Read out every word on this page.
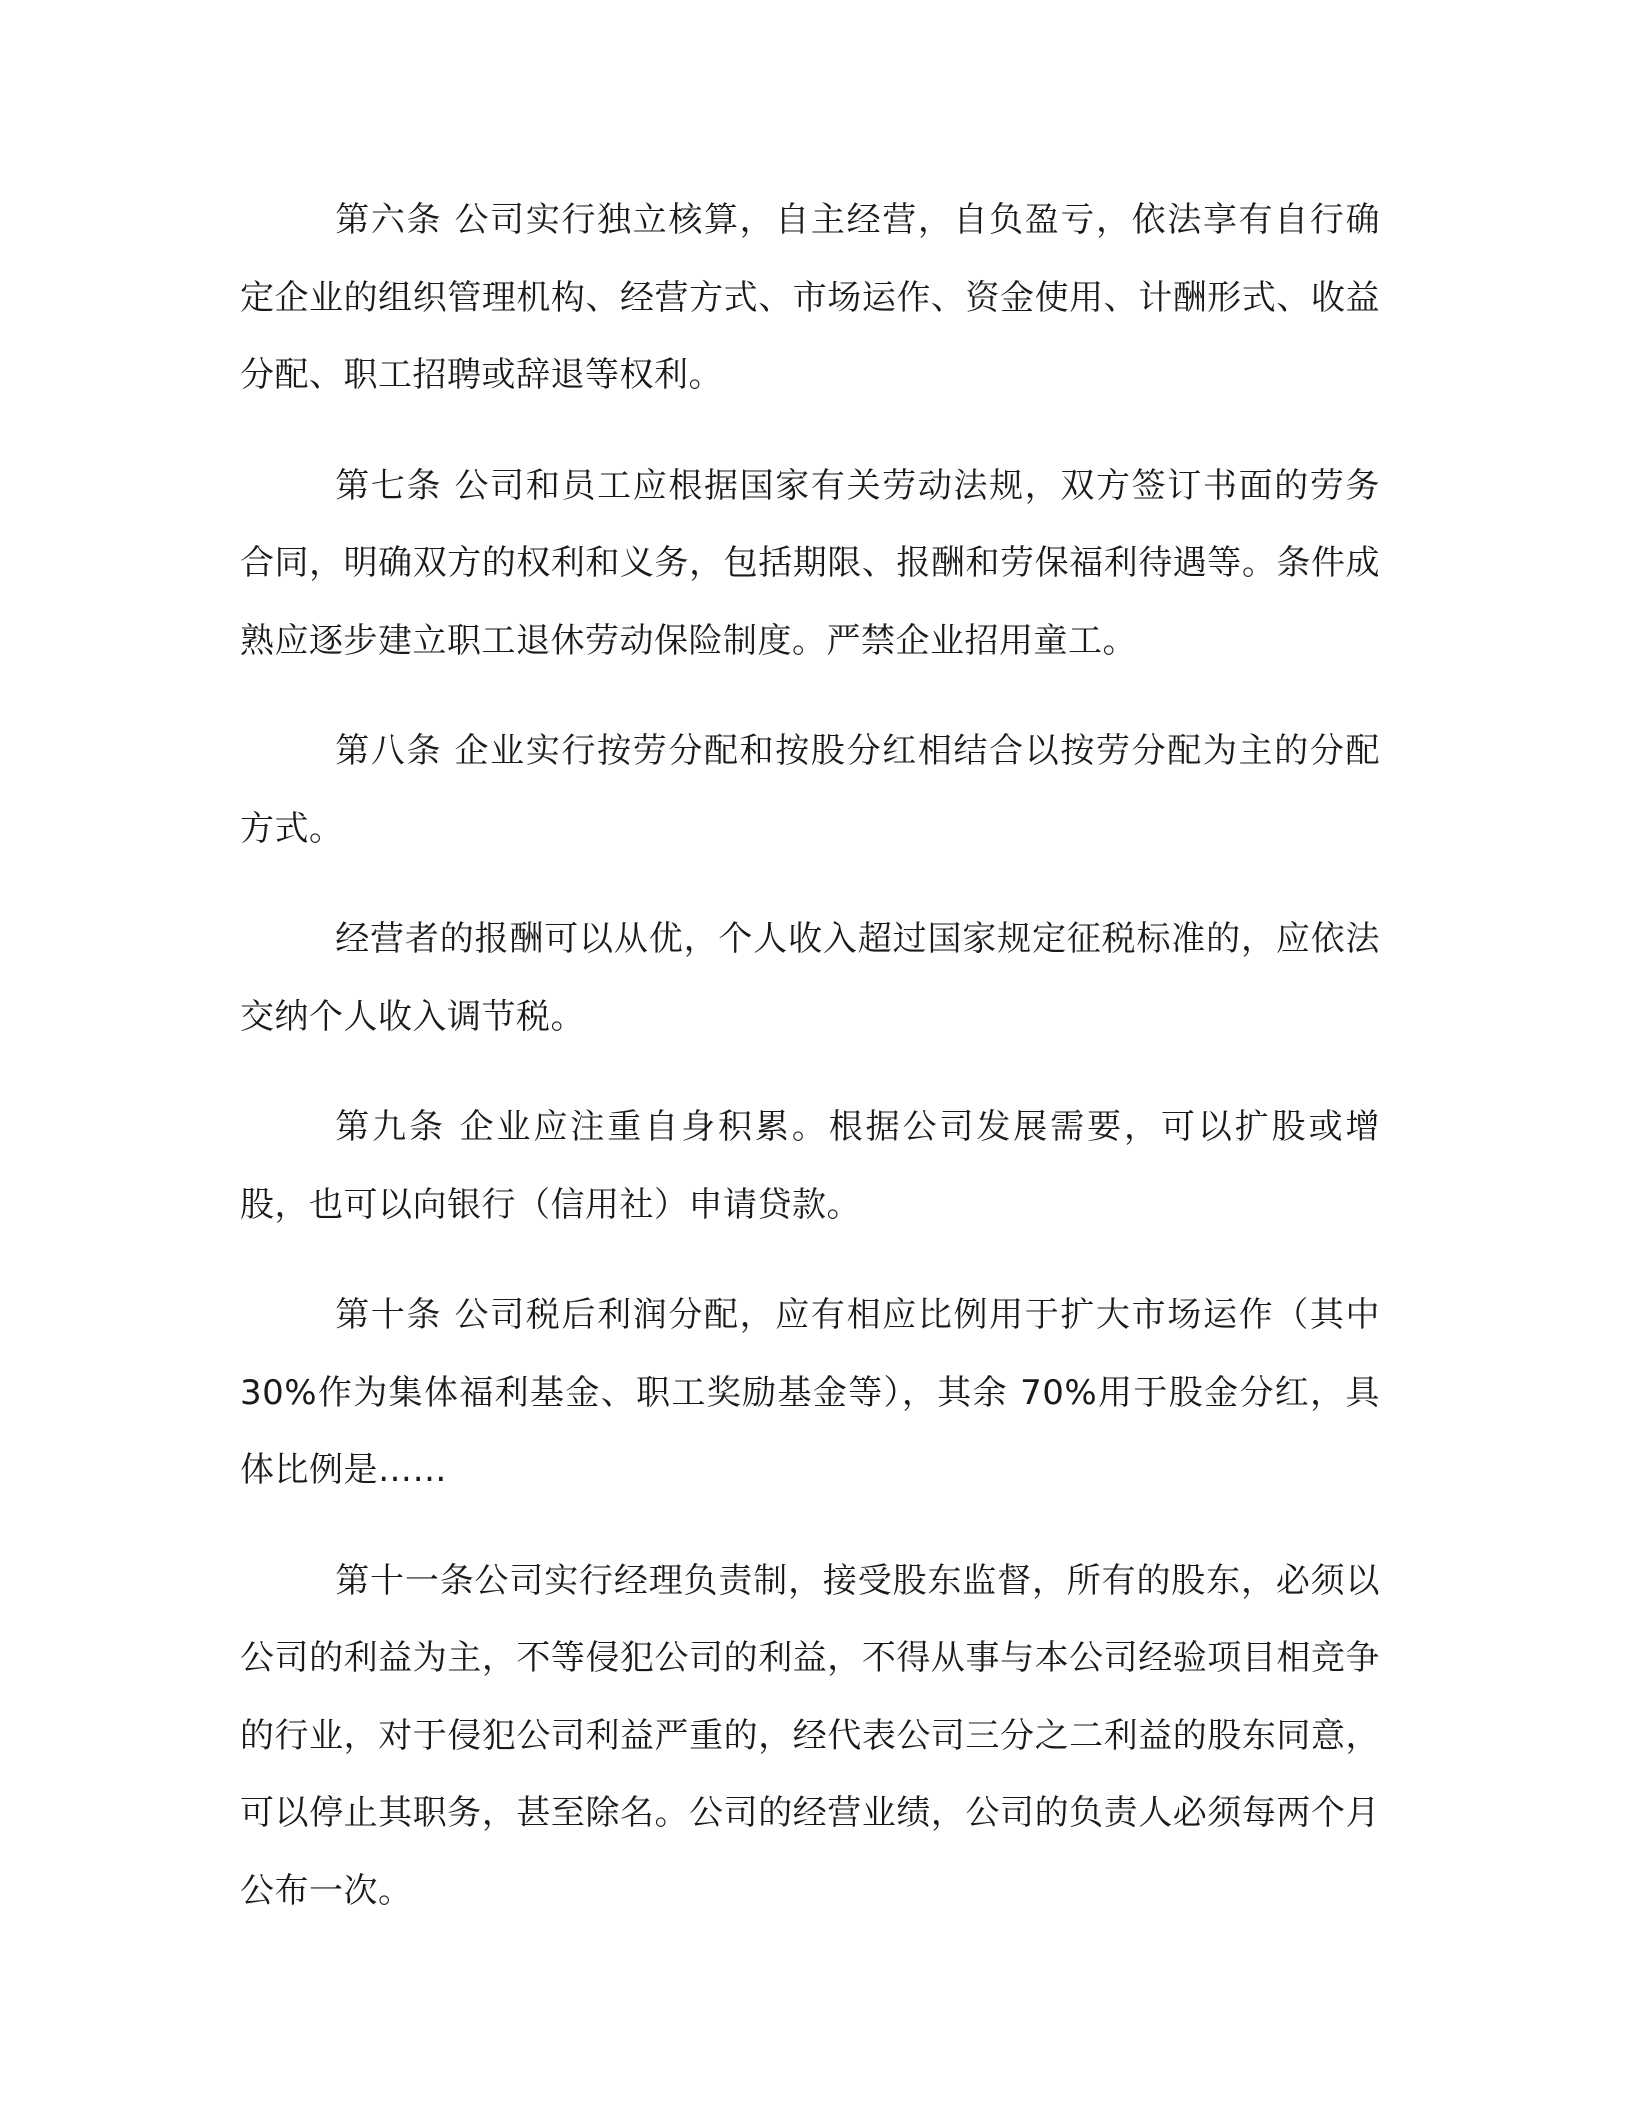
第六条 公司实行独立核算，自主经营，自负盈亏，依法享有自行确定企业的组织管理机构、经营方式、市场运作、资金使用、计酬形式、收益分配、职工招聘或辞退等权利。

第七条 公司和员工应根据国家有关劳动法规，双方签订书面的劳务合同，明确双方的权利和义务，包括期限、报酬和劳保福利待遇等。条件成熟应逐步建立职工退休劳动保险制度。严禁企业招用童工。

第八条 企业实行按劳分配和按股分红相结合以按劳分配为主的分配方式。

经营者的报酬可以从优，个人收入超过国家规定征税标准的，应依法交纳个人收入调节税。

第九条 企业应注重自身积累。根据公司发展需要，可以扩股或增股，也可以向银行（信用社）申请贷款。

第十条 公司税后利润分配，应有相应比例用于扩大市场运作（其中 30%作为集体福利基金、职工奖励基金等），其余 70%用于股金分红，具体比例是……

第十一条公司实行经理负责制，接受股东监督，所有的股东，必须以公司的利益为主，不等侵犯公司的利益，不得从事与本公司经验项目相竞争的行业，对于侵犯公司利益严重的，经代表公司三分之二利益的股东同意，可以停止其职务，甚至除名。公司的经营业绩，公司的负责人必须每两个月公布一次。
